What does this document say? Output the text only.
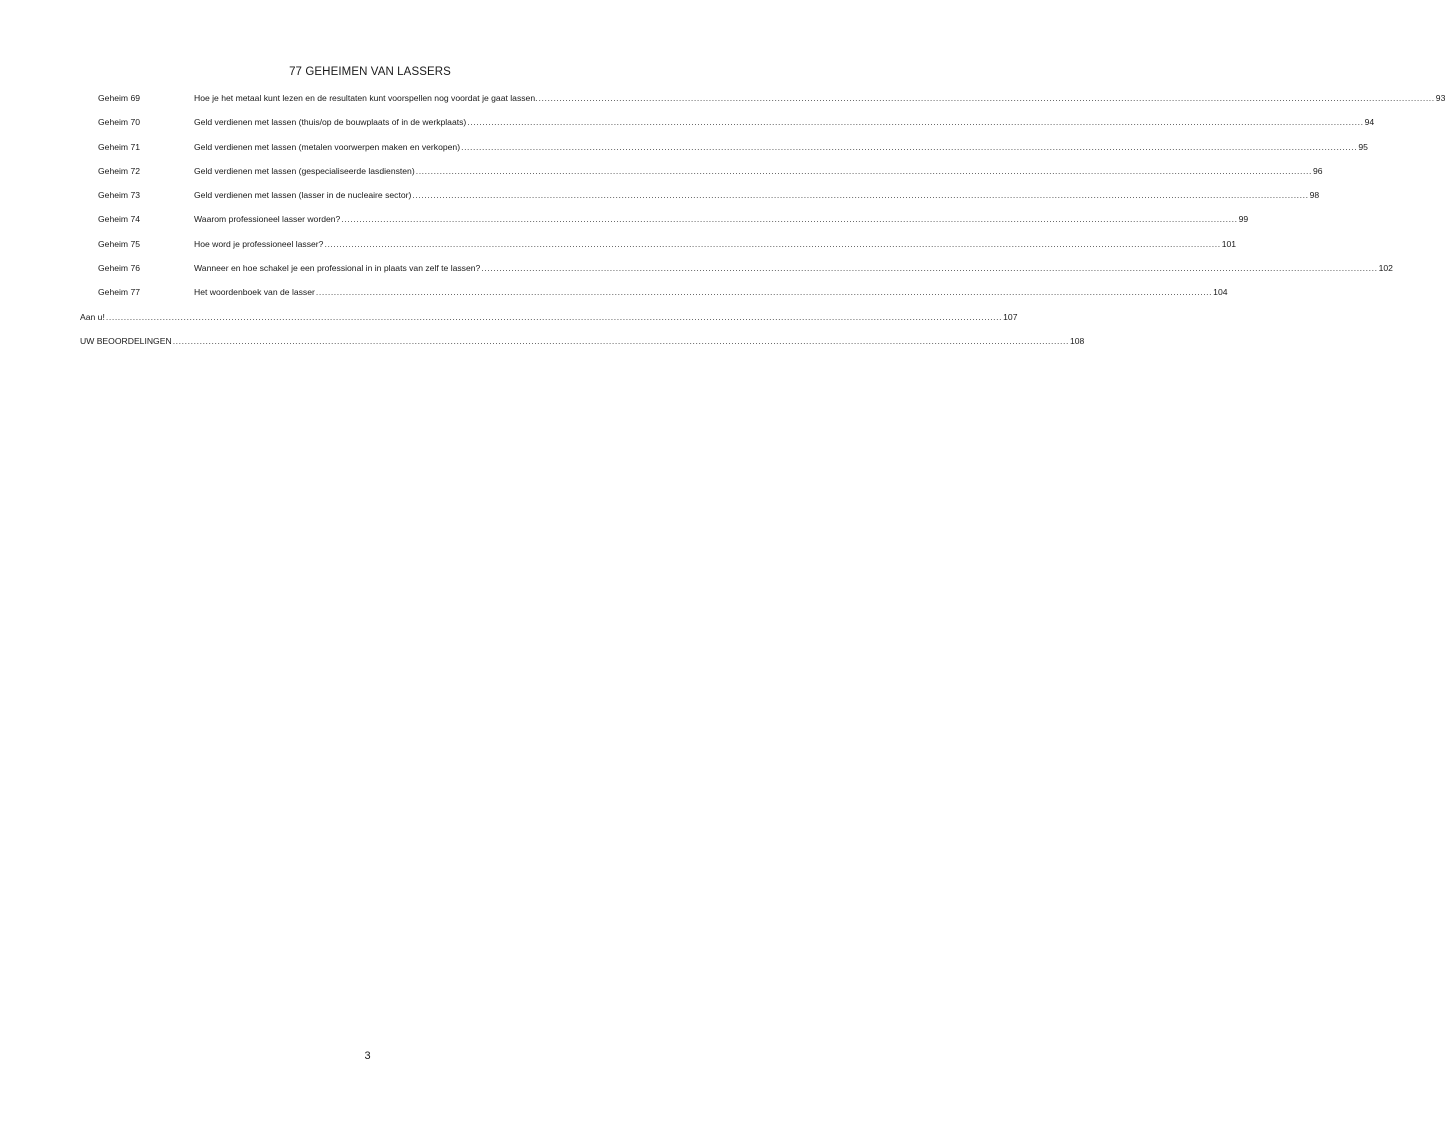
77 GEHEIMEN VAN LASSERS
Geheim 69	Hoe je het metaal kunt lezen en de resultaten kunt voorspellen nog voordat je gaat lassen. ............................................................................................................................................................................................................................................................................................................ 93
Geheim 70	Geld verdienen met lassen (thuis/op de bouwplaats of in de werkplaats) ............................................................................................................................................................................................................................................................................................................ 94
Geheim 71	Geld verdienen met lassen (metalen voorwerpen maken en verkopen) ............................................................................................................................................................................................................................................................................................................ 95
Geheim 72	Geld verdienen met lassen (gespecialiseerde lasdiensten) ............................................................................................................................................................................................................................................................................................................ 96
Geheim 73	Geld verdienen met lassen (lasser in de nucleaire sector) ............................................................................................................................................................................................................................................................................................................ 98
Geheim 74	Waarom professioneel lasser worden? ............................................................................................................................................................................................................................................................................................................ 99
Geheim 75	Hoe word je professioneel lasser? ............................................................................................................................................................................................................................................................................................................ 101
Geheim 76	Wanneer en hoe schakel je een professional in in plaats van zelf te lassen? ............................................................................................................................................................................................................................................................................................................ 102
Geheim 77	Het woordenboek van de lasser ............................................................................................................................................................................................................................................................................................................ 104
Aan u! ............................................................................................................................................................................................................................................................................................................ 107
UW BEOORDELINGEN ............................................................................................................................................................................................................................................................................................................ 108
3
